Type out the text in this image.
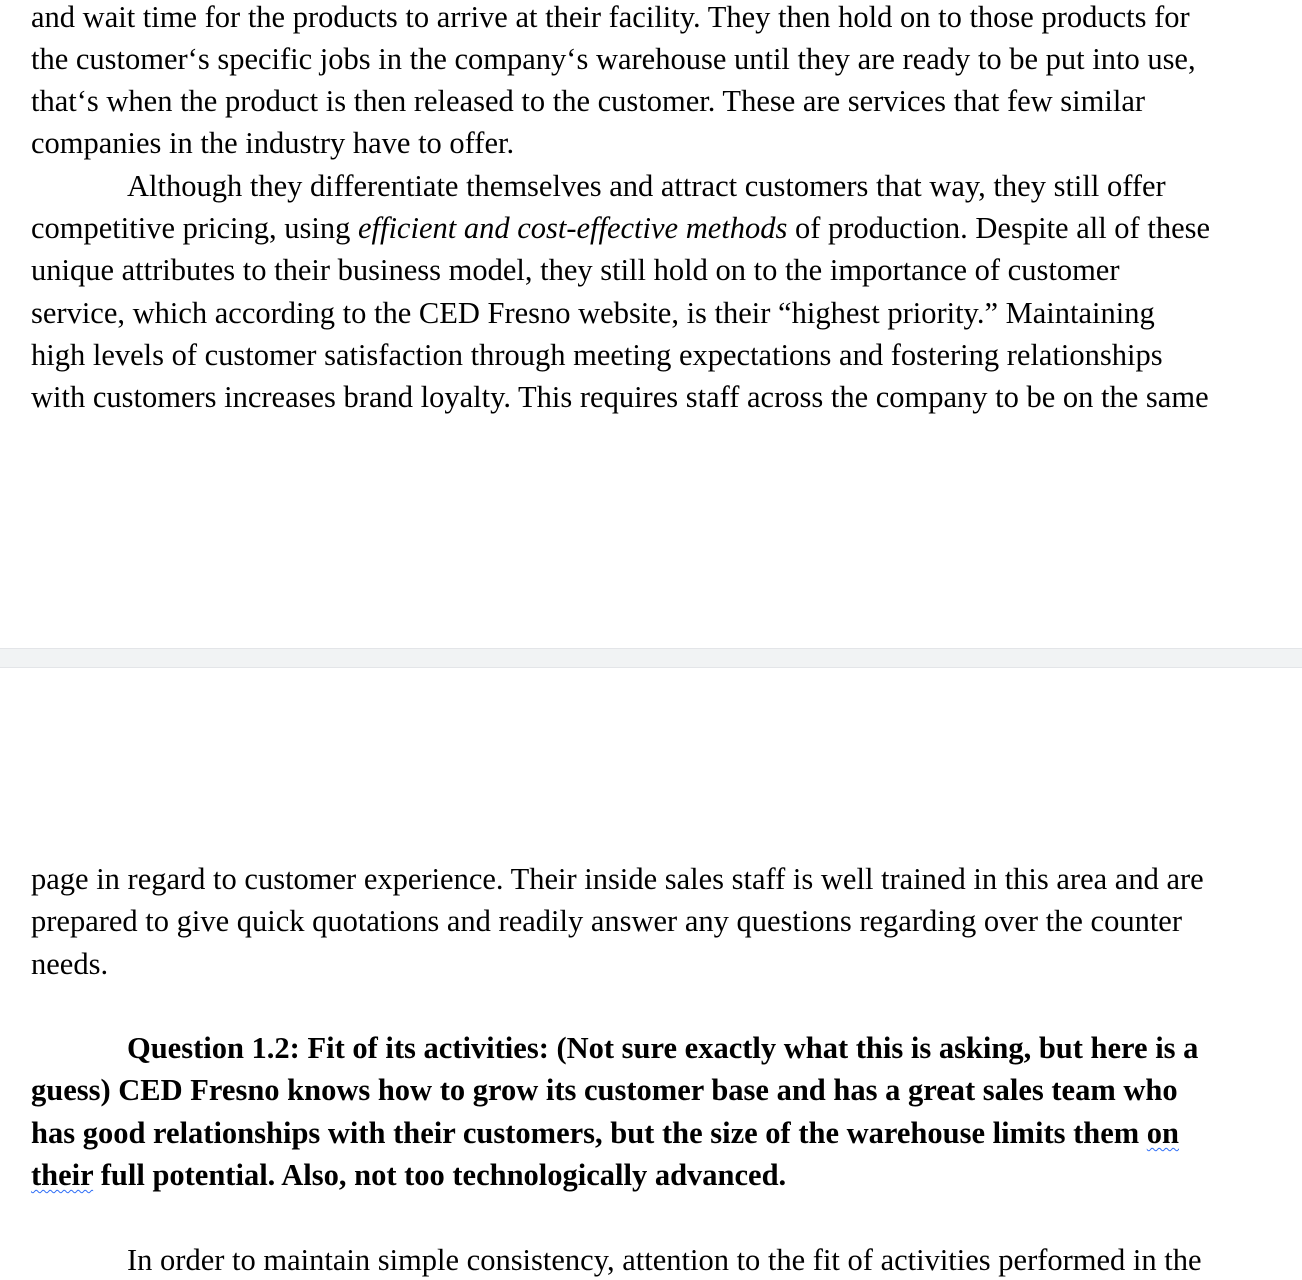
and wait time for the products to arrive at their facility. They then hold on to those products for
the customer‘s specific jobs in the company‘s warehouse until they are ready to be put into use,
that‘s when the product is then released to the customer. These are services that few similar
companies in the industry have to offer.
Although they differentiate themselves and attract customers that way, they still offer
competitive pricing, using efficient and cost-effective methods of production. Despite all of these
unique attributes to their business model, they still hold on to the importance of customer
service, which according to the CED Fresno website, is their “highest priority.” Maintaining
high levels of customer satisfaction through meeting expectations and fostering relationships
with customers increases brand loyalty. This requires staff across the company to be on the same
page in regard to customer experience. Their inside sales staff is well trained in this area and are
prepared to give quick quotations and readily answer any questions regarding over the counter
needs.
Question 1.2: Fit of its activities: (Not sure exactly what this is asking, but here is a
guess) CED Fresno knows how to grow its customer base and has a great sales team who
has good relationships with their customers, but the size of the warehouse limits them on
their full potential. Also, not too technologically advanced.
In order to maintain simple consistency, attention to the fit of activities performed in the
